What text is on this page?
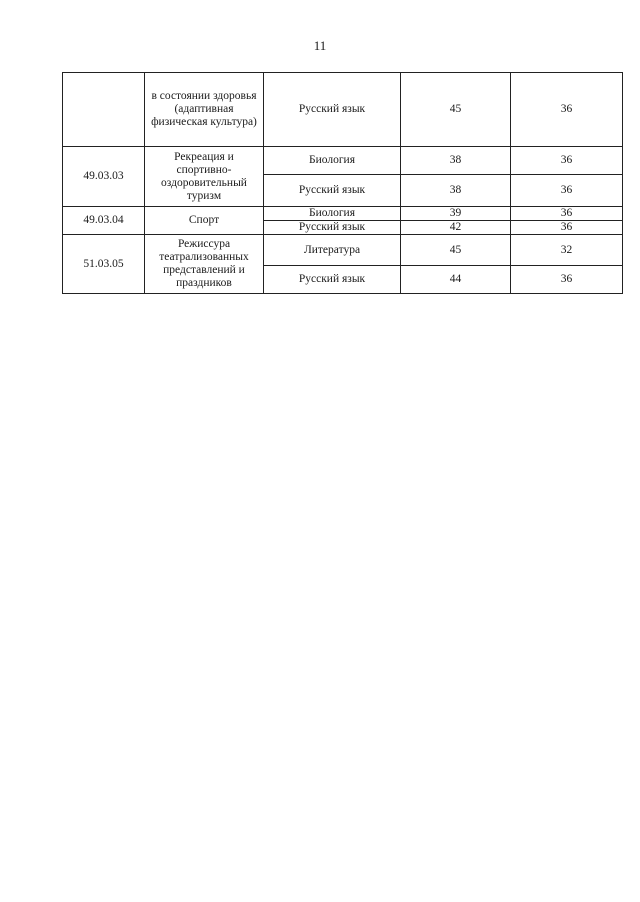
11
	в состоянии здоровья (адаптивная физическая культура)	Русский язык	45	36
49.03.03	Рекреация и спортивно-оздоровительный туризм	Биология	38	36
		Русский язык	38	36
49.03.04	Спорт	Биология	39	36
		Русский язык	42	36
51.03.05	Режиссура театрализованных представлений и праздников	Литература	45	32
		Русский язык	44	36
